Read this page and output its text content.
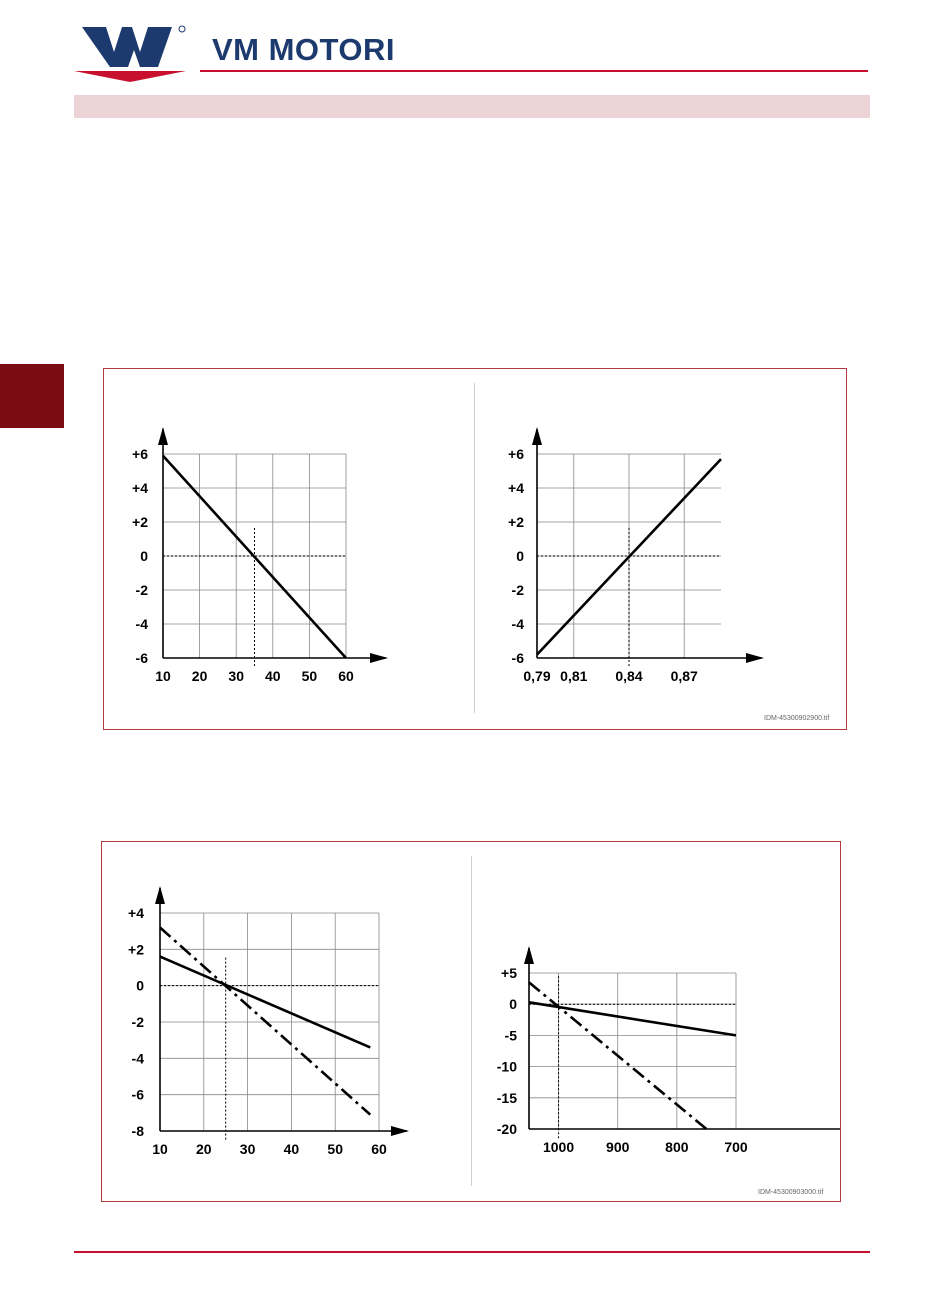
VM MOTORI
10 20 30 40 50 60
+6
+4
+2
0
-2
-4
-6
0,79 0,81 0,84 0,87
+6
+4
+2
0
-2
-4
-6
IDM-45300902900.tif
10 20 30 40 50 60
+4
+2
0
-2
-4
-6
-8
1000 900	800	700
+5
0
-5
-10
-15
-20
IDM-45300903000.tif
